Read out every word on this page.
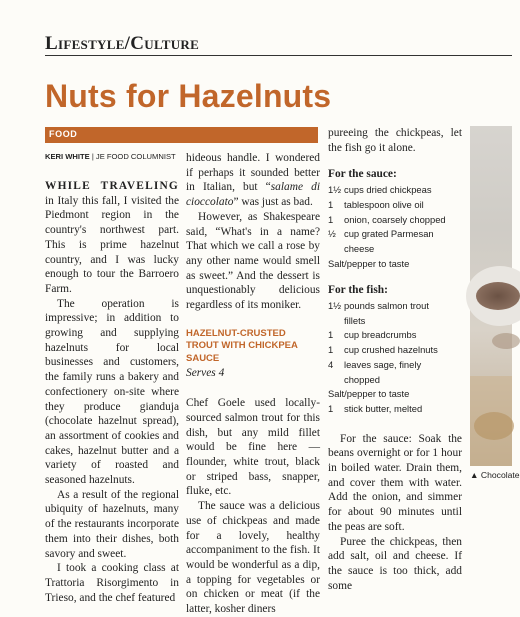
Lifestyle/Culture
Nuts for Hazelnuts
FOOD
KERI WHITE | JE FOOD COLUMNIST

WHILE TRAVELING in Italy this fall, I visited the Piedmont region in the country's northwest part. This is prime hazelnut country, and I was lucky enough to tour the Barroero Farm.

The operation is impressive; in addition to growing and supplying hazelnuts for local businesses and customers, the family runs a bakery and confectionery on-site where they produce gianduja (chocolate hazelnut spread), an assortment of cookies and cakes, hazelnut butter and a variety of roasted and seasoned hazelnuts.

As a result of the regional ubiquity of hazelnuts, many of the restaurants incorporate them into their dishes, both savory and sweet.

I took a cooking class at Trattoria Risorgimento in Trieso, and the chef featured

hideous handle. I wondered if perhaps it sounded better in Italian, but “salame di cioccolato” was just as bad.

However, as Shakespeare said, “What's in a name? That which we call a rose by any other name would smell as sweet.” And the dessert is unquestionably delicious regardless of its moniker.

HAZELNUT-CRUSTED TROUT WITH CHICKPEA SAUCE
Serves 4

Chef Goele used locally-sourced salmon trout for this dish, but any mild fillet would be fine here —flounder, white trout, black or striped bass, snapper, fluke, etc.

The sauce was a delicious use of chickpeas and made for a lovely, healthy accompaniment to the fish. It would be wonderful as a dip, a topping for vegetables or on chicken or meat (if the latter, kosher diners

pureeing the chickpeas, let the fish go it alone.

For the sauce:
1½ cups dried chickpeas
1	tablespoon olive oil
1	onion, coarsely chopped
½ cup grated Parmesan
cheese
Salt/pepper to taste
For the fish:
1½ pounds salmon trout
fillets
1	cup breadcrumbs
1	cup crushed hazelnuts
4	leaves sage, finely
chopped
Salt/pepper to taste
1	stick butter, melted

For the sauce: Soak the beans overnight or for 1 hour in boiled water. Drain them, and cover them with water. Add the onion, and simmer for about 90 minutes until the peas are soft.

Puree the chickpeas, then add salt, oil and cheese. If the sauce is too thick, add some

▲ Chocolate
